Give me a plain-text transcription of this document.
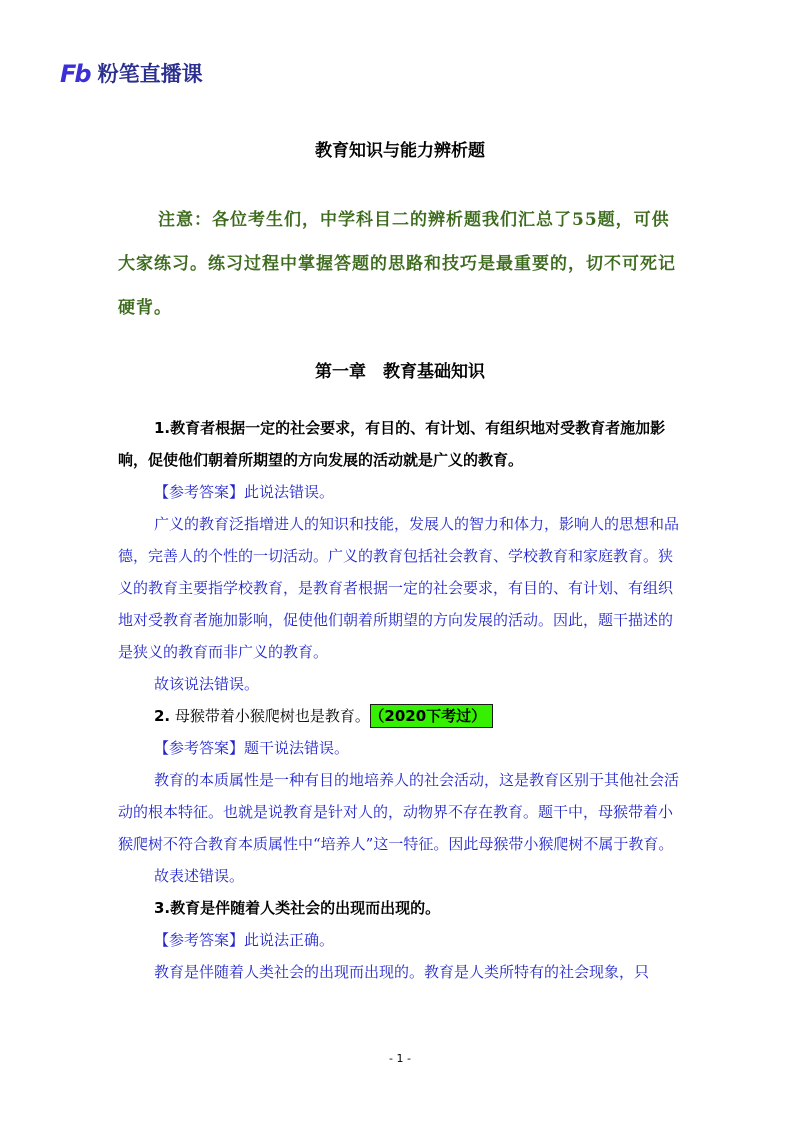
Fb 粉笔直播课
教育知识与能力辨析题

注意：各位考生们，中学科目二的辨析题我们汇总了55题，可供大家练习。练习过程中掌握答题的思路和技巧是最重要的，切不可死记硬背。

第一章　教育基础知识

1.教育者根据一定的社会要求，有目的、有计划、有组织地对受教育者施加影响，促使他们朝着所期望的方向发展的活动就是广义的教育。

【参考答案】此说法错误。

广义的教育泛指增进人的知识和技能，发展人的智力和体力，影响人的思想和品德，完善人的个性的一切活动。广义的教育包括社会教育、学校教育和家庭教育。狭义的教育主要指学校教育，是教育者根据一定的社会要求，有目的、有计划、有组织地对受教育者施加影响，促使他们朝着所期望的方向发展的活动。因此，题干描述的是狭义的教育而非广义的教育。

故该说法错误。

2. 母猴带着小猴爬树也是教育。 （2020下考过）

【参考答案】题干说法错误。

教育的本质属性是一种有目的地培养人的社会活动，这是教育区别于其他社会活动的根本特征。也就是说教育是针对人的，动物界不存在教育。题干中，母猴带着小猴爬树不符合教育本质属性中“培养人”这一特征。因此母猴带小猴爬树不属于教育。

故表述错误。

3.教育是伴随着人类社会的出现而出现的。

【参考答案】此说法正确。

教育是伴随着人类社会的出现而出现的。教育是人类所特有的社会现象，只

- 1 -
